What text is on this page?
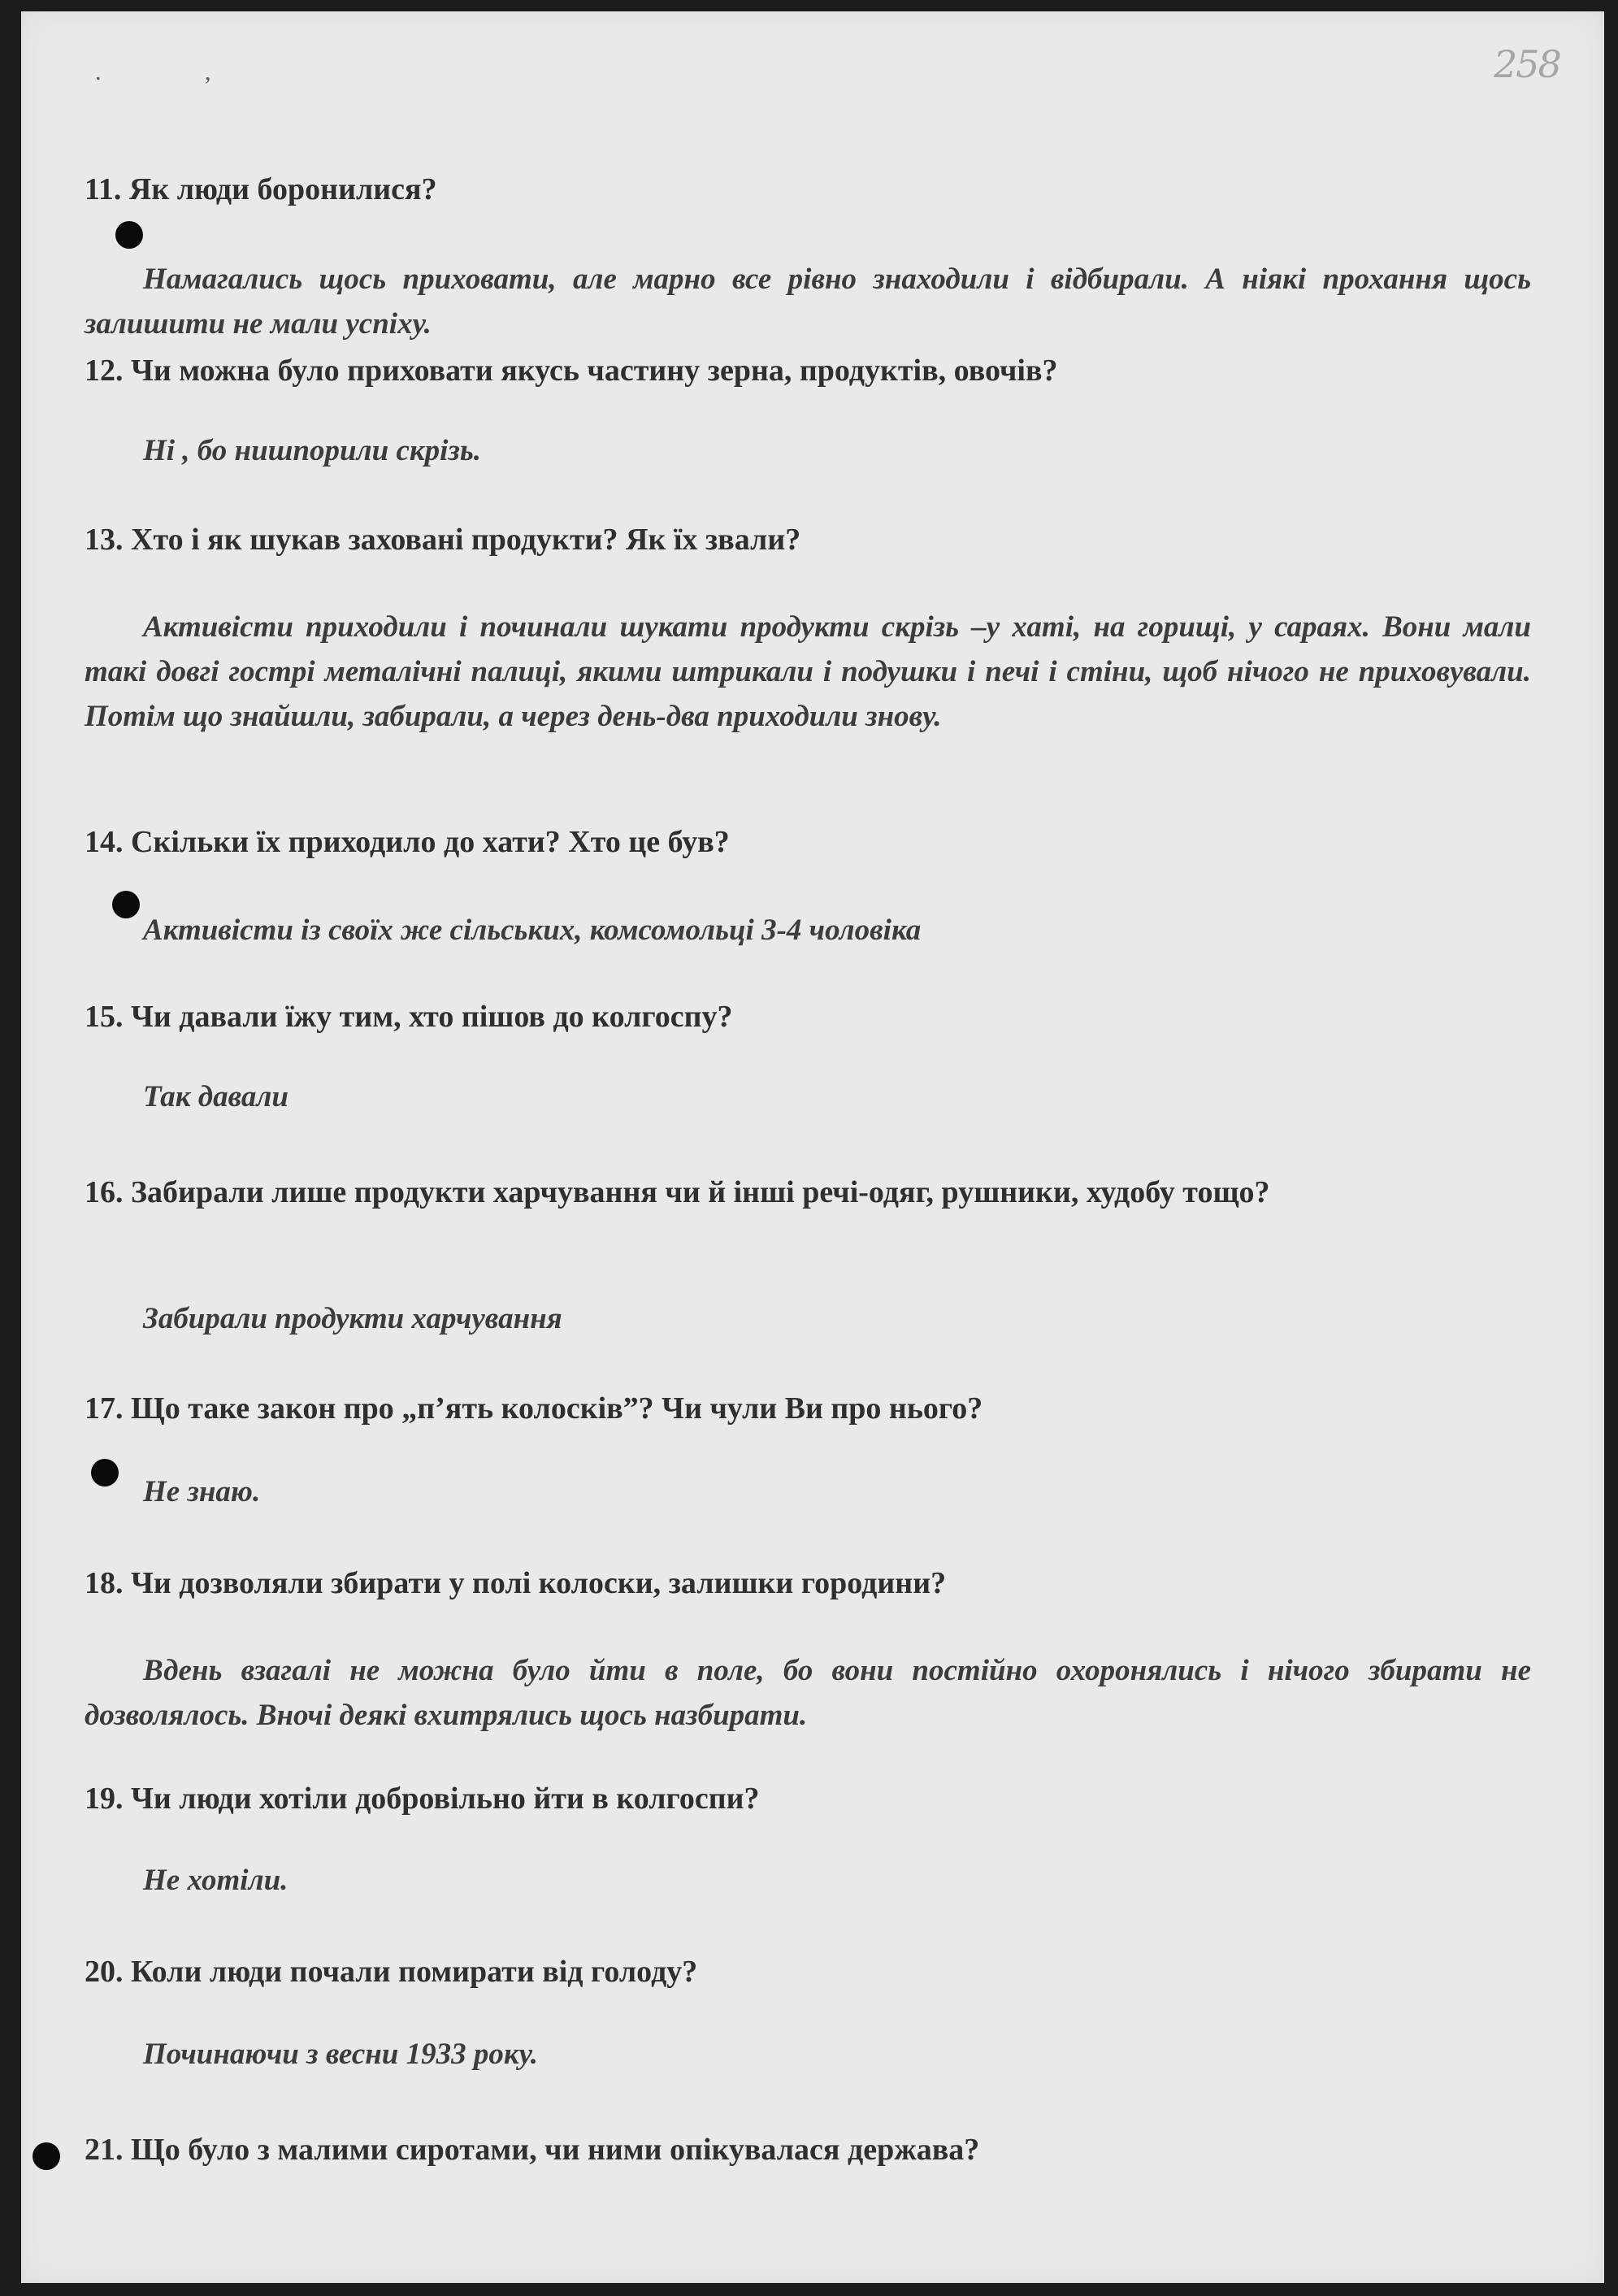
. ,	258

11. Як люди боронилися?

Намагались щось приховати, але марно все рівно знаходили і відбирали. А ніякі прохання щось залишити не мали успіху.

12. Чи можна було приховати якусь частину зерна, продуктів, овочів?

Ні , бо нишпорили скрізь.

13. Хто і як шукав заховані продукти? Як їх звали?

Активісти приходили і починали шукати продукти скрізь –у хаті, на горищі, у сараях. Вони мали такі довгі гострі металічні палиці, якими штрикали і подушки і печі і стіни, щоб нічого не приховували. Потім що знайшли, забирали, а через день-два приходили знову.

14. Скільки їх приходило до хати? Хто це був?

Активісти із своїх же сільських, комсомольці 3-4 чоловіка

15. Чи давали їжу тим, хто пішов до колгоспу?

Так давали

16. Забирали лише продукти харчування чи й інші речі-одяг, рушники, худобу тощо?

Забирали продукти харчування

17. Що таке закон про „п’ять колосків”? Чи чули Ви про нього?

Не знаю.

18. Чи дозволяли збирати у полі колоски, залишки городини?

Вдень взагалі не можна було йти в поле, бо вони постійно охоронялись і нічого збирати не дозволялось. Вночі деякі вхитрялись щось назбирати.

19. Чи люди хотіли добровільно йти в колгоспи?

Не хотіли.

20. Коли люди почали помирати від голоду?

Починаючи з весни 1933 року.

21. Що було з малими сиротами, чи ними опікувалася держава?
